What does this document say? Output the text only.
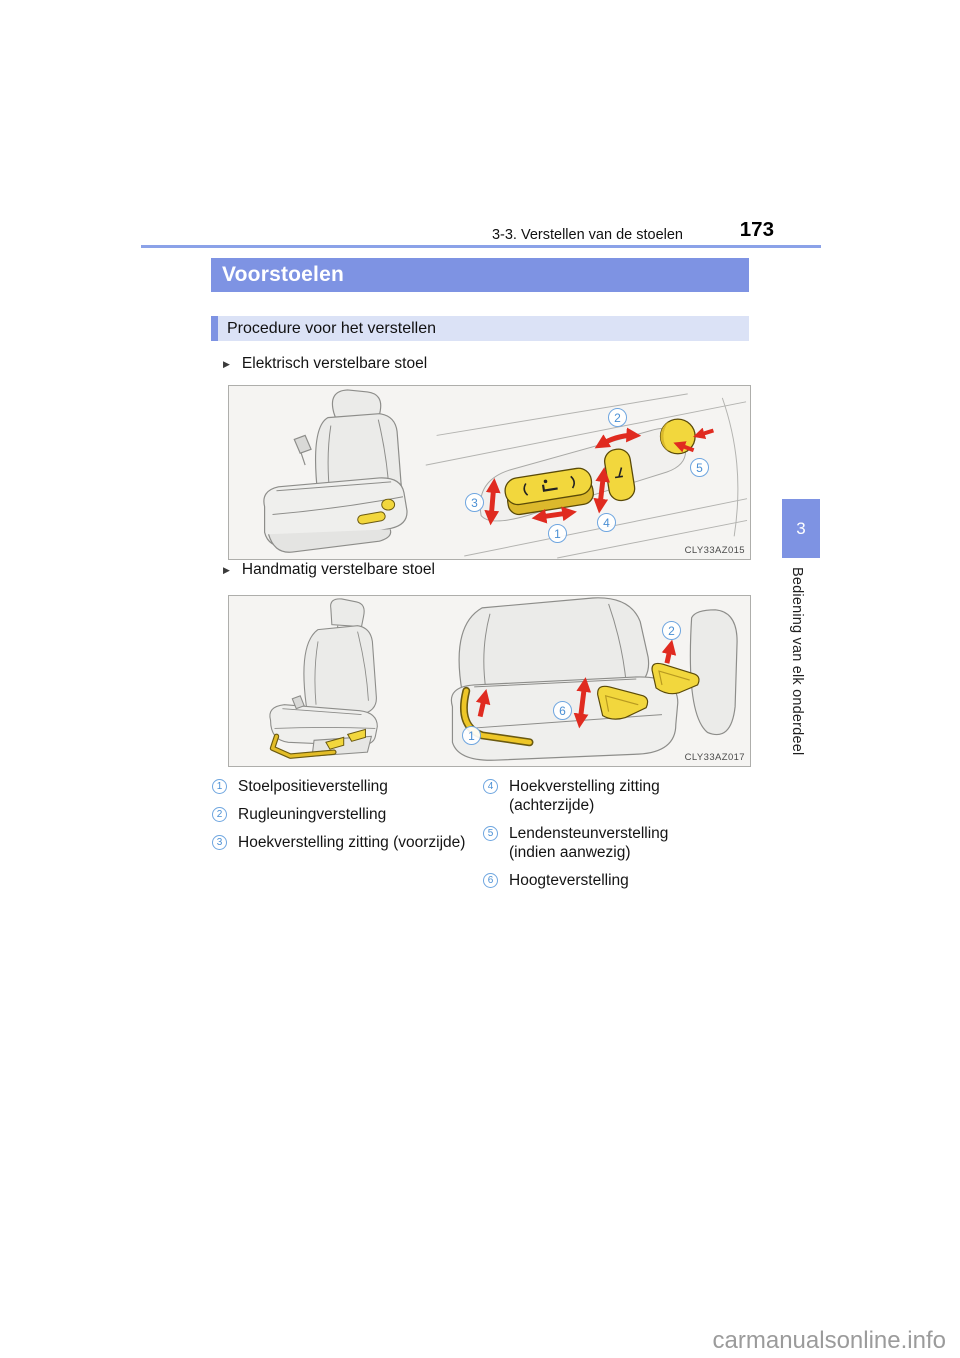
3-3. Verstellen van de stoelen	173
Voorstoelen
Procedure voor het verstellen
▶ Elektrisch verstelbare stoel
1
2
3
4
5
CLY33AZ015
▶ Handmatig verstelbare stoel
1
6
2
CLY33AZ017
1	Stoelpositieverstelling
2	Rugleuningverstelling
3	Hoekverstelling zitting (voorzijde)
4	Hoekverstelling zitting
(achterzijde)
5	Lendensteunverstelling
(indien aanwezig)
6	Hoogteverstelling
3
Bediening van elk onderdeel
carmanualsonline.info
